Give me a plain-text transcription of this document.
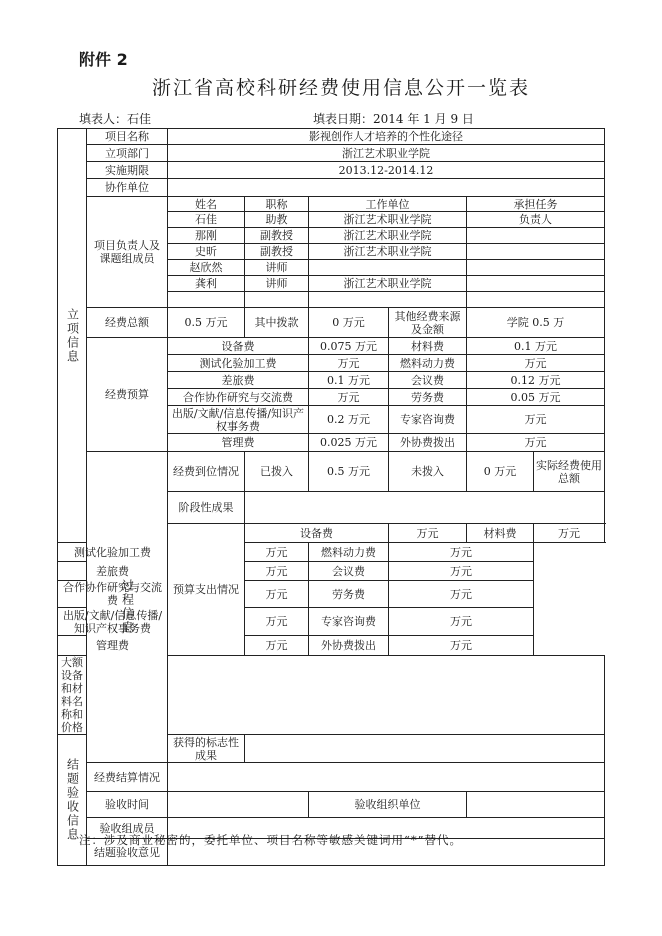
附件 2
浙江省高校科研经费使用信息公开一览表
填表人：石佳	填表日期：2014 年 1 月 9 日
立项信息	项目名称	影视创作人才培养的个性化途径						
	立项部门	浙江艺术职业学院						
	实施期限	2013.12-2014.12						
	协作单位							
	项目负责人及课题组成员	姓名	职称	工作单位		承担任务		
		石佳	助教	浙江艺术职业学院		负责人		
		那刚	副教授	浙江艺术职业学院				
		史昕	副教授	浙江艺术职业学院				
		赵欣然	讲师					
		龚利	讲师	浙江艺术职业学院				

	经费总额	0.5 万元	其中拨款	0 万元	其他经费来源及金额	学院 0.5 万		
	经费预算	设备费		0.075 万元	材料费	0.1 万元		
		测试化验加工费		万元	燃料动力费	万元		
		差旅费		0.1 万元	会议费	0.12 万元		
		合作协作研究与交流费		万元	劳务费	0.05 万元		
		出版/文献/信息传播/知识产权事务费		0.2 万元	专家咨询费	万元		
		管理费		0.025 万元	外协费拨出	万元		
	过程信息	经费到位情况	已拨入	0.5 万元	未拨入	0 万元	实际经费使用总额	
		阶段性成果						
		预算支出情况	设备费		万元	材料费	万元	
测试化验加工费			万元	燃料动力费	万元			
差旅费			万元	会议费	万元			
合作协作研究与交流费			万元	劳务费	万元			
出版/文献/信息传播/知识产权事务费			万元	专家咨询费	万元			
管理费			万元	外协费拨出	万元			
大额设备和材料名称和价格								
结题验收信息		获得的标志性成果						
	经费结算情况							
	验收时间			验收组织单位				
	验收组成员							
	结题验收意见							
注：涉及商业秘密的，委托单位、项目名称等敏感关键词用“*”替代。
